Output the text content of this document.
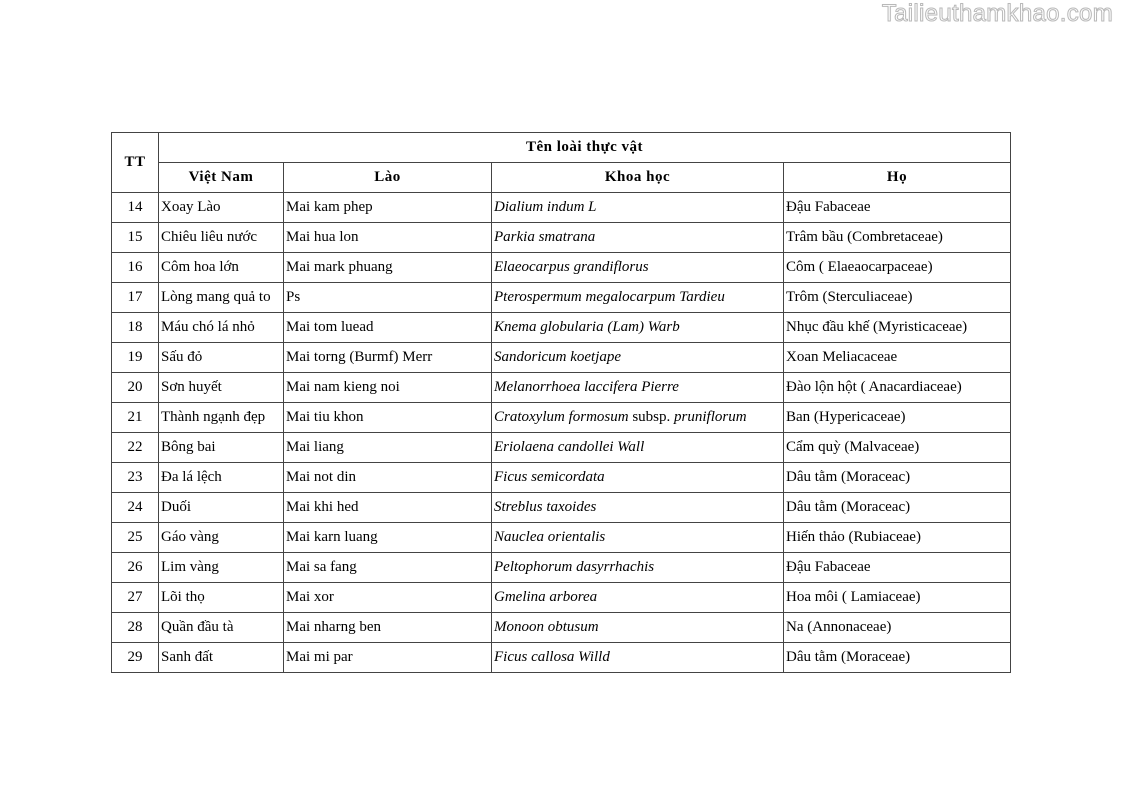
Tailieuthamkhao.com
TT	Tên loài thực vật			
	Việt Nam	Lào	Khoa học	Họ
14	Xoay Lào	Mai kam phep	Dialium indum L	Đậu Fabaceae
15	Chiêu liêu nước	Mai hua lon	Parkia smatrana	Trâm bầu (Combretaceae)
16	Côm hoa lớn	Mai mark phuang	Elaeocarpus grandiflorus	Côm ( Elaeaocarpaceae)
17	Lòng mang quả to	Ps	Pterospermum megalocarpum Tardieu	Trôm (Sterculiaceae)
18	Máu chó lá nhỏ	Mai tom luead	Knema globularia (Lam) Warb	Nhục đầu khế (Myristicaceae)
19	Sấu đỏ	Mai torng (Burmf) Merr	Sandoricum koetjape	Xoan Meliacaceae
20	Sơn huyết	Mai nam kieng noi	Melanorrhoea laccifera Pierre	Đào lộn hột ( Anacardiaceae)
21	Thành ngạnh đẹp	Mai tiu khon	Cratoxylum formosum subsp. pruniflorum	Ban (Hypericaceae)
22	Bông bai	Mai liang	Eriolaena candollei Wall	Cẩm quỳ (Malvaceae)
23	Đa lá lệch	Mai not din	Ficus semicordata	Dâu tằm (Moraceac)
24	Duối	Mai khi hed	Streblus taxoides	Dâu tằm (Moraceac)
25	Gáo vàng	Mai karn luang	Nauclea orientalis	Hiến thảo (Rubiaceae)
26	Lim vàng	Mai sa fang	Peltophorum dasyrrhachis	Đậu Fabaceae
27	Lõi thọ	Mai xor	Gmelina arborea	Hoa môi ( Lamiaceae)
28	Quần đầu tà	Mai nharng ben	Monoon obtusum	Na (Annonaceae)
29	Sanh đất	Mai mi par	Ficus callosa Willd	Dâu tằm (Moraceae)
